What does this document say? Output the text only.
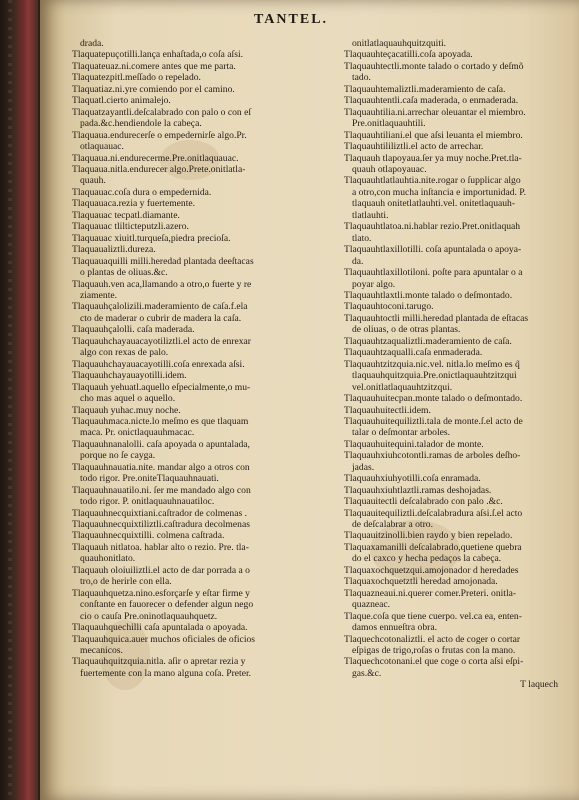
TANTEL.
drada.
Tlaquatepuçotilli.lança enhaſtada,o coſa aſsi.
Tlaquateuaz.ni.comere antes que me parta.
Tlaquatezpitl.meſſado o repelado.
Tlaquatiaz.ni.yre comiendo por el camino.
Tlaquatl.cierto animalejo.
Tlaquatzayantli.deſcalabrado con palo o con eſ
pada.&c.hendiendole la cabeça.
Tlaquaua.endurecerſe o empedernirſe algo.Pr.
otlaquauac.
Tlaquaua.ni.endurecerme.Pre.onitlaquauac.
Tlaquaua.nitla.endurecer algo.Prete.onitlatla-
quauh.
Tlaquauac.coſa dura o empedernida.
Tlaquauaca.rezia y fuertemente.
Tlaquauac tecpatl.diamante.
Tlaquauac tlilticteputzli.azero.
Tlaquauac xiuitl.turqueſa,piedra precioſa.
Tlaquaualiztli.dureza.
Tlaquauaquilli milli.heredad plantada deeſtacas
o plantas de oliuas.&c.
Tlaquauh.ven aca,llamando a otro,o fuerte y re
ziamente.
Tlaquauhçalolizili.maderamiento de caſa.f.ela
cto de maderar o cubrir de madera la caſa.
Tlaquauhçalolli. caſa maderada.
Tlaquauhchayauacayotiliztli.el acto de enrexar
algo con rexas de palo.
Tlaquauhchayauacayotilli.coſa enrexada aſsi.
Tlaquauhchayauayotilli.idem.
Tlaquauh yehuatl.aquello eſpecialmente,o mu-
cho mas aquel o aquello.
Tlaquauh yuhac.muy noche.
Tlaquauhmaca.nicte.lo meſmo es que tlaquam
maca. Pr. onictlaquauhmacac.
Tlaquauhnanalolli. caſa apoyada o apuntalada,
porque no ſe cayga.
Tlaquauhnauatia.nite. mandar algo a otros con
todo rigor. Pre.oniteTlaquauhnauati.
Tlaquauhnauatilo.ni. ſer me mandado algo con
todo rigor. P. onitlaquauhnauatiloc.
Tlaquauhnecquixtiani.caſtrador de colmenas .
Tlaquauhnecquixtiliztli.caſtradura decolmenas
Tlaquauhnecquixtilli. colmena caſtrada.
Tlaquauh nitlatoa. hablar alto o rezio. Pre. tla-
quauhonitlato.
Tlaquauh oloiuiliztli.el acto de dar porrada a o
tro,o de herirle con ella.
Tlaquauhquetza.nino.esforçarſe y eſtar firme y
conſtante en fauorecer o defender algun nego
cio o cauſa Pre.oninotlaquauhquetz.
Tlaquauhquechilli caſa apuntalada o apoyada.
Tlaquauhquica.auer muchos oficiales de oficios
mecanicos.
Tlaquauhquitzquia.nitla. aſir o apretar rezia y
fuertemente con la mano alguna coſa. Preter.
onitlatlaquauhquitzquiti.
Tlaquauhteçacatilli.coſa apoyada.
Tlaquauhtectli.monte talado o cortado y deſmõ
tado.
Tlaquauhtemaliztli.maderamiento de caſa.
Tlaquauhtentli.caſa maderada, o enmaderada.
Tlaquauhtilia.ni.arrechar oleuantar el miembro.
Pre.onitlaquauhtili.
Tlaquauhtiliani.el que aſsi leuanta el miembro.
Tlaquauhtililiztli.el acto de arrechar.
Tlaquauh tlapoyaua.ſer ya muy noche.Pret.tla-
quauh otlapoyauac.
Tlaquauhtlatlauhtia.nite.rogar o ſupplicar algo
a otro,con mucha inſtancia e importunidad. P.
tlaquauh onitetlatlauhti.vel. onitetlaquauh-
tlatlauhti.
Tlaquauhtlatoa.ni.hablar rezio.Pret.onitlaquah
tlato.
Tlaquauhtlaxillotilli. coſa apuntalada o apoya-
da.
Tlaquauhtlaxillotiloni. poſte para apuntalar o a
poyar algo.
Tlaquauhtlaxtli.monte talado o deſmontado.
Tlaquauhtoconi.tarugo.
Tlaquauhtoctli milli.heredad plantada de eſtacas
de oliuas, o de otras plantas.
Tlaquauhtzaqualiztli.maderamiento de caſa.
Tlaquauhtzaqualli.caſa enmaderada.
Tlaquauhtzitzquia.nic.vel. nitla.lo meſmo es q̃
tlaquauhquitzquia.Pre.onictlaquauhtzitzqui
vel.onitlatlaquauhtzitzqui.
Tlaquauhuitecpan.monte talado o deſmontado.
Tlaquauhuitectli.idem.
Tlaquauhuitequiliztli.tala de monte.ſ.el acto de
talar o deſmontar arboles.
Tlaquauhuitequini.talador de monte.
Tlaquauhxiuhcotontli.ramas de arboles deſho-
jadas.
Tlaquauhxiuhyotilli.coſa enramada.
Tlaquauhxiuhtlaztli.ramas deshojadas.
Tlaquauitectli deſcalabrado con palo .&c.
Tlaquauitequiliztli.deſcalabradura aſsi.ſ.el acto
de deſcalabrar a otro.
Tlaquauitzinolli.bien raydo y bien repelado.
Tlaquaxamanilli deſcalabrado,quetiene quebra
do el caxco y hecha pedaços la cabeça.
Tlaquaxochquetzqui.amojonador d̃ heredades
Tlaquaxochquetztli heredad amojonada.
Tlaquazneaui.ni.querer comer.Preteri. onitla-
quazneac.
Tlaque.coſa que tiene cuerpo. vel.ca ea, enten-
damos ennueſtra obra.
Tlaquechcotonaliztli. el acto de coger o cortar
eſpigas de trigo,roſas o frutas con la mano.
Tlaquechcotonani.el que coge o corta aſsi eſpi-
gas.&c.
T laquech
